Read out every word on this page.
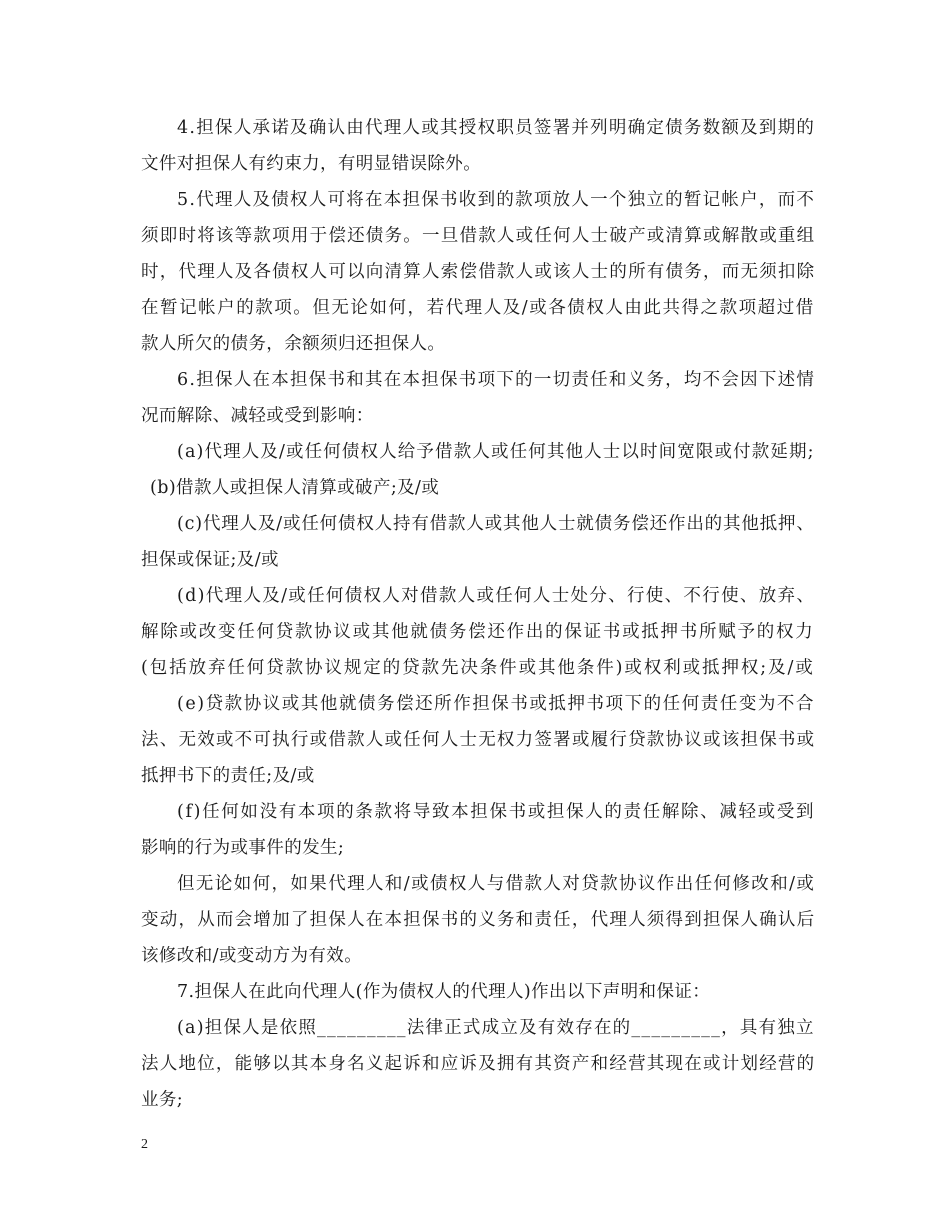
4.担保人承诺及确认由代理人或其授权职员签署并列明确定债务数额及到期的
文件对担保人有约束力，有明显错误除外。
5.代理人及债权人可将在本担保书收到的款项放人一个独立的暂记帐户，而不
须即时将该等款项用于偿还债务。一旦借款人或任何人士破产或清算或解散或重组
时，代理人及各债权人可以向清算人索偿借款人或该人士的所有债务，而无须扣除
在暂记帐户的款项。但无论如何，若代理人及/或各债权人由此共得之款项超过借
款人所欠的债务，余额须归还担保人。
6.担保人在本担保书和其在本担保书项下的一切责任和义务，均不会因下述情
况而解除、减轻或受到影响：
(a)代理人及/或任何债权人给予借款人或任何其他人士以时间宽限或付款延期;
(b)借款人或担保人清算或破产;及/或
(c)代理人及/或任何债权人持有借款人或其他人士就债务偿还作出的其他抵押、
担保或保证;及/或
(d)代理人及/或任何债权人对借款人或任何人士处分、行使、不行使、放弃、
解除或改变任何贷款协议或其他就债务偿还作出的保证书或抵押书所赋予的权力
(包括放弃任何贷款协议规定的贷款先决条件或其他条件)或权利或抵押权;及/或
(e)贷款协议或其他就债务偿还所作担保书或抵押书项下的任何责任变为不合
法、无效或不可执行或借款人或任何人士无权力签署或履行贷款协议或该担保书或
抵押书下的责任;及/或
(f)任何如没有本项的条款将导致本担保书或担保人的责任解除、减轻或受到
影响的行为或事件的发生;
但无论如何，如果代理人和/或债权人与借款人对贷款协议作出任何修改和/或
变动，从而会增加了担保人在本担保书的义务和责任，代理人须得到担保人确认后
该修改和/或变动方为有效。
7.担保人在此向代理人(作为债权人的代理人)作出以下声明和保证：
(a)担保人是依照_________法律正式成立及有效存在的_________，具有独立
法人地位，能够以其本身名义起诉和应诉及拥有其资产和经营其现在或计划经营的
业务;
2
